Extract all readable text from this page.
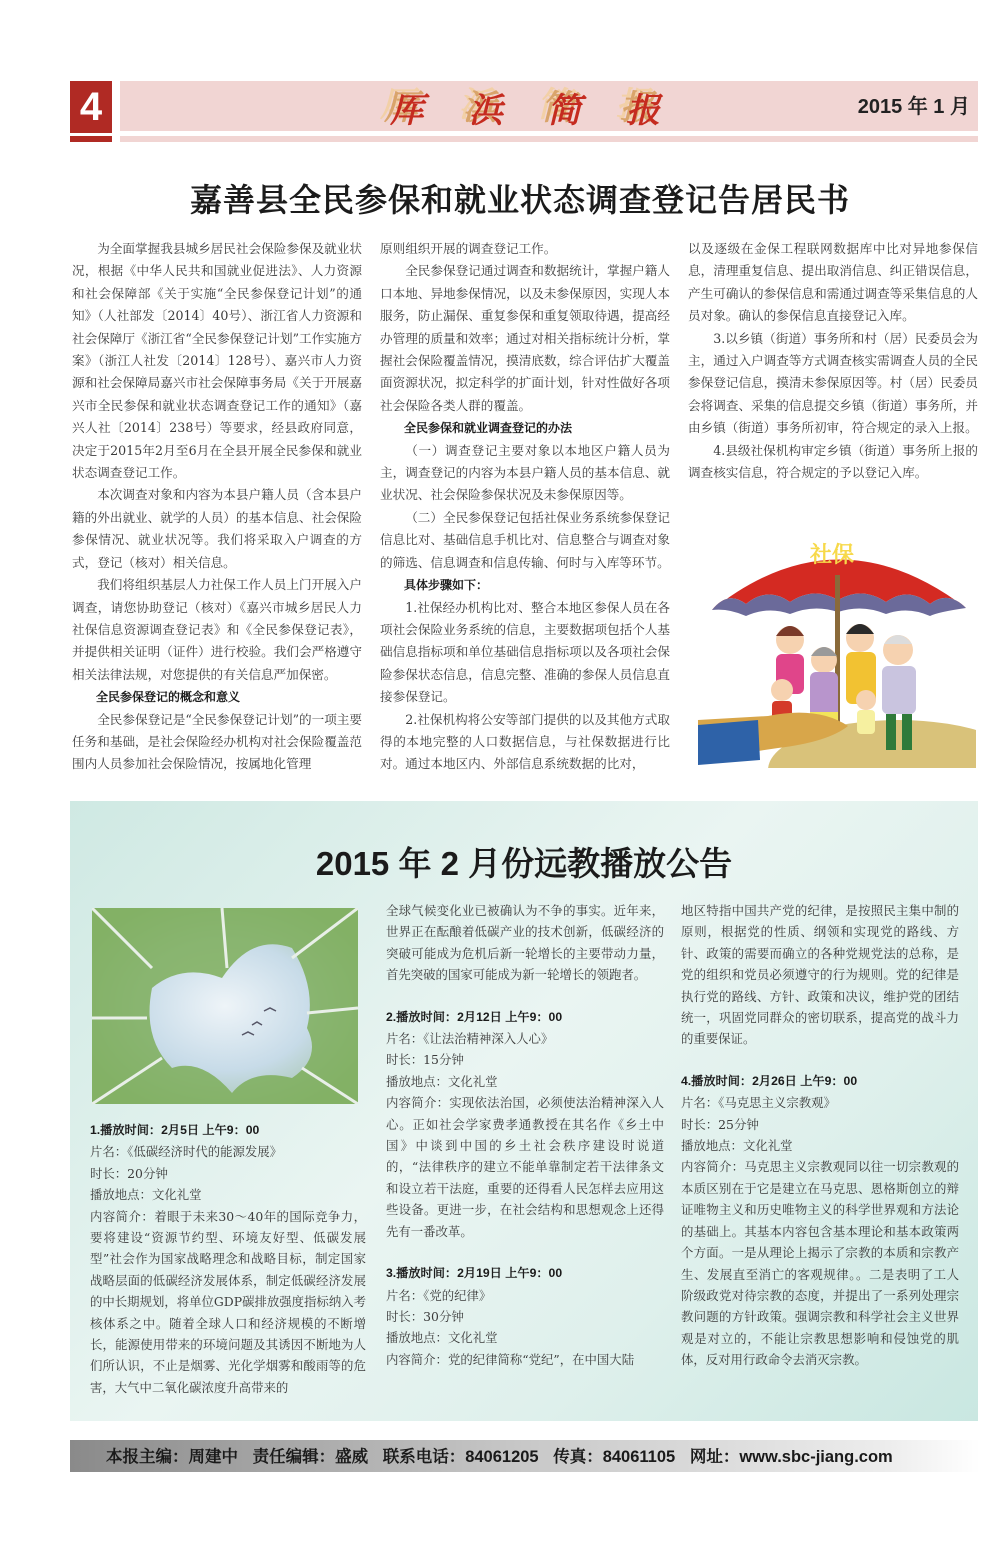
4	厍 浜 简 报	2015 年 1 月
嘉善县全民参保和就业状态调查登记告居民书

为全面掌握我县城乡居民社会保险参保及就业状况，根据《中华人民共和国就业促进法》、人力资源和社会保障部《关于实施“全民参保登记计划”的通知》（人社部发〔2014〕40号）、浙江省人力资源和社会保障厅《浙江省“全民参保登记计划”工作实施方案》（浙江人社发〔2014〕128号）、嘉兴市人力资源和社会保障局嘉兴市社会保障事务局《关于开展嘉兴市全民参保和就业状态调查登记工作的通知》（嘉兴人社〔2014〕238号）等要求，经县政府同意，决定于2015年2月至6月在全县开展全民参保和就业状态调查登记工作。

本次调查对象和内容为本县户籍人员（含本县户籍的外出就业、就学的人员）的基本信息、社会保险参保情况、就业状况等。我们将采取入户调查的方式，登记（核对）相关信息。

我们将组织基层人力社保工作人员上门开展入户调查，请您协助登记（核对）《嘉兴市城乡居民人力社保信息资源调查登记表》和《全民参保登记表》，并提供相关证明（证件）进行校验。我们会严格遵守相关法律法规，对您提供的有关信息严加保密。

全民参保登记的概念和意义

全民参保登记是“全民参保登记计划”的一项主要任务和基础，是社会保险经办机构对社会保险覆盖范围内人员参加社会保险情况，按属地化管理

原则组织开展的调查登记工作。

全民参保登记通过调查和数据统计，掌握户籍人口本地、异地参保情况，以及未参保原因，实现人本服务，防止漏保、重复参保和重复领取待遇，提高经办管理的质量和效率；通过对相关指标统计分析，掌握社会保险覆盖情况，摸清底数，综合评估扩大覆盖面资源状况，拟定科学的扩面计划，针对性做好各项社会保险各类人群的覆盖。

全民参保和就业调查登记的办法

（一）调查登记主要对象以本地区户籍人员为主，调查登记的内容为本县户籍人员的基本信息、就业状况、社会保险参保状况及未参保原因等。

（二）全民参保登记包括社保业务系统参保登记信息比对、基础信息手机比对、信息整合与调查对象的筛选、信息调查和信息传输、何时与入库等环节。

具体步骤如下：

1.社保经办机构比对、整合本地区参保人员在各项社会保险业务系统的信息，主要数据项包括个人基础信息指标项和单位基础信息指标项以及各项社会保险参保状态信息，信息完整、准确的参保人员信息直接参保登记。

2.社保机构将公安等部门提供的以及其他方式取得的本地完整的人口数据信息，与社保数据进行比对。通过本地区内、外部信息系统数据的比对，

以及逐级在金保工程联网数据库中比对异地参保信息，清理重复信息、提出取消信息、纠正错误信息，产生可确认的参保信息和需通过调查等采集信息的人员对象。确认的参保信息直接登记入库。

3.以乡镇（街道）事务所和村（居）民委员会为主，通过入户调查等方式调查核实需调查人员的全民参保登记信息，摸清未参保原因等。村（居）民委员会将调查、采集的信息提交乡镇（街道）事务所，并由乡镇（街道）事务所初审，符合规定的录入上报。

4.县级社保机构审定乡镇（街道）事务所上报的调查核实信息，符合规定的予以登记入库。

社保
2015 年 2 月份远教播放公告

1.播放时间：2月5日 上午9：00

片名：《低碳经济时代的能源发展》

时长：20分钟

播放地点：文化礼堂

内容简介：着眼于未来30～40年的国际竞争力，要将建设“资源节约型、环境友好型、低碳发展型”社会作为国家战略理念和战略目标，制定国家战略层面的低碳经济发展体系，制定低碳经济发展的中长期规划，将单位GDP碳排放强度指标纳入考核体系之中。随着全球人口和经济规模的不断增长，能源使用带来的环境问题及其诱因不断地为人们所认识，不止是烟雾、光化学烟雾和酸雨等的危害，大气中二氧化碳浓度升高带来的

全球气候变化业已被确认为不争的事实。近年来，世界正在酝酿着低碳产业的技术创新，低碳经济的突破可能成为危机后新一轮增长的主要带动力量，首先突破的国家可能成为新一轮增长的领跑者。

2.播放时间：2月12日 上午9：00

片名：《让法治精神深入人心》

时长：15分钟

播放地点：文化礼堂

内容简介：实现依法治国，必须使法治精神深入人心。正如社会学家费孝通教授在其名作《乡土中国》中谈到中国的乡土社会秩序建设时说道的，“法律秩序的建立不能单靠制定若干法律条文和设立若干法庭，重要的还得看人民怎样去应用这些设备。更进一步，在社会结构和思想观念上还得先有一番改革。

3.播放时间：2月19日 上午9：00

片名：《党的纪律》

时长：30分钟

播放地点：文化礼堂

内容简介：党的纪律简称“党纪”，在中国大陆

地区特指中国共产党的纪律，是按照民主集中制的原则，根据党的性质、纲领和实现党的路线、方针、政策的需要而确立的各种党规党法的总称，是党的组织和党员必须遵守的行为规则。党的纪律是执行党的路线、方针、政策和决议，维护党的团结统一，巩固党同群众的密切联系，提高党的战斗力的重要保证。

4.播放时间：2月26日 上午9：00

片名：《马克思主义宗教观》

时长：25分钟

播放地点：文化礼堂

内容简介：马克思主义宗教观同以往一切宗教观的本质区别在于它是建立在马克思、恩格斯创立的辩证唯物主义和历史唯物主义的科学世界观和方法论的基础上。其基本内容包含基本理论和基本政策两个方面。一是从理论上揭示了宗教的本质和宗教产生、发展直至消亡的客观规律。。二是表明了工人阶级政党对待宗教的态度，并提出了一系列处理宗教问题的方针政策。强调宗教和科学社会主义世界观是对立的，不能让宗教思想影响和侵蚀党的肌体，反对用行政命令去消灭宗教。

本报主编：周建中 责任编辑：盛威 联系电话：84061205 传真：84061105 网址：www.sbc-jiang.com
